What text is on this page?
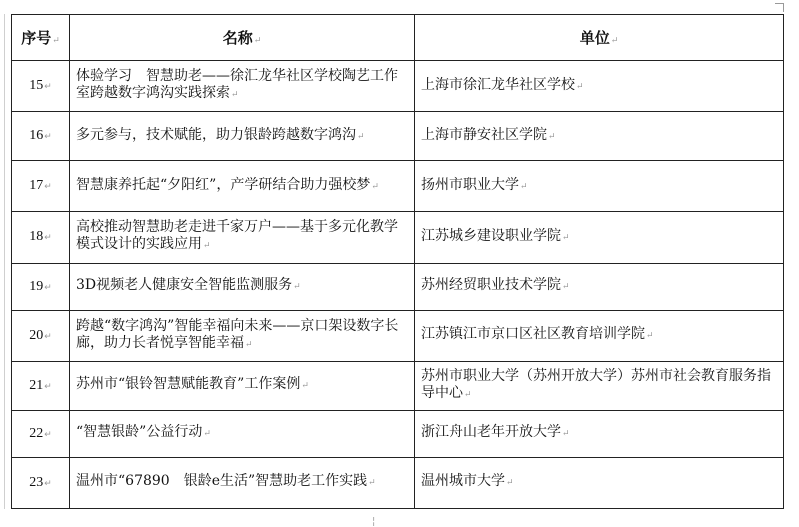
序号↵	名称↵	单位↵
15↵	体验学习　智慧助老——徐汇龙华社区学校陶艺工作室跨越数字鸿沟实践探索↵	上海市徐汇龙华社区学校↵
16↵	多元参与，技术赋能，助力银龄跨越数字鸿沟↵	上海市静安社区学院↵
17↵	智慧康养托起“夕阳红”，产学研结合助力强校梦↵	扬州市职业大学↵
18↵	高校推动智慧助老走进千家万户——基于多元化教学模式设计的实践应用↵	江苏城乡建设职业学院↵
19↵	3D视频老人健康安全智能监测服务↵	苏州经贸职业技术学院↵
20↵	跨越“数字鸿沟”智能幸福向未来——京口架设数字长廊，助力长者悦享智能幸福↵	江苏镇江市京口区社区教育培训学院↵
21↵	苏州市“银铃智慧赋能教育”工作案例↵	苏州市职业大学（苏州开放大学）苏州市社会教育服务指导中心↵
22↵	“智慧银龄”公益行动↵	浙江舟山老年开放大学↵
23↵	温州市“67890　银龄e生活”智慧助老工作实践↵	温州城市大学↵
¦
